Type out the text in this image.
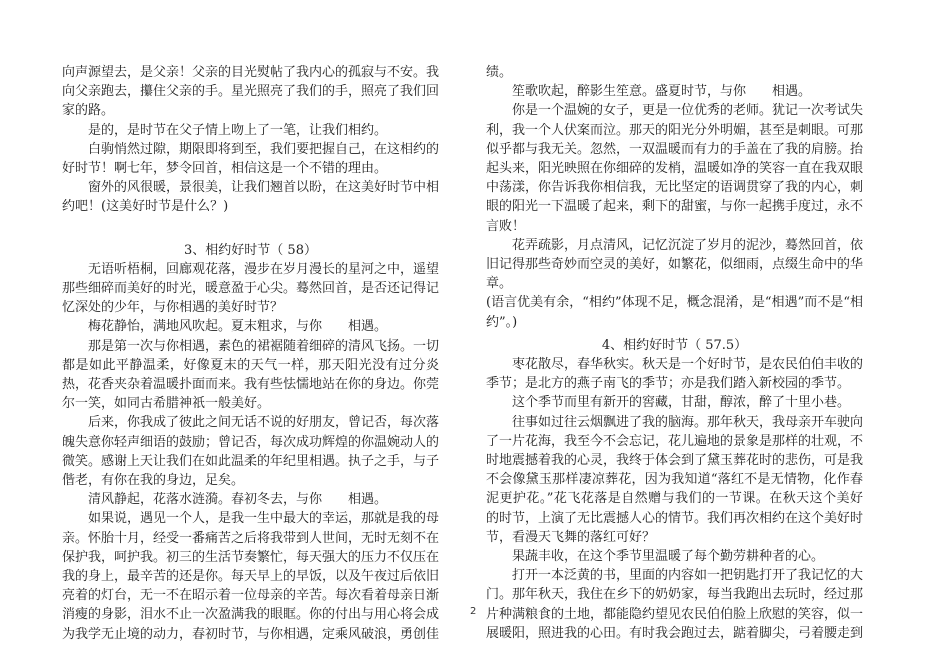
向声源望去，是父亲！父亲的目光熨帖了我内心的孤寂与不安。我向父亲跑去，攥住父亲的手。星光照亮了我们的手，照亮了我们回家的路。

是的，是时节在父子情上吻上了一笔，让我们相约。

白驹悄然过隙，期限即将到至，我们要把握自己，在这相约的好时节！啊七年，梦令回首，相信这是一个不错的理由。

窗外的风很暖，景很美，让我们翘首以盼，在这美好时节中相约吧！(这美好时节是什么？)

3、相约好时节（ 58）

无语听梧桐，回廊观花落，漫步在岁月漫长的星河之中，遥望那些细碎而美好的时光，暖意盈于心尖。蓦然回首，是否还记得记忆深处的少年，与你相遇的美好时节？

梅花静怡，满地风吹起。夏末粗求，与你　　相遇。

那是第一次与你相遇，素色的裙裾随着细碎的清风飞扬。一切都是如此平静温柔，好像夏末的天气一样，那天阳光没有过分炎热，花香夹杂着温暖扑面而来。我有些怯懦地站在你的身边。你莞尔一笑，如同古希腊神祇一般美好。

后来，你我成了彼此之间无话不说的好朋友，曾记否，每次落魄失意你轻声细语的鼓励；曾记否，每次成功辉煌的你温婉动人的微笑。感谢上天让我们在如此温柔的年纪里相遇。执子之手，与子偕老，有你在我的身边，足矣。

清风静起，花落水涟漪。春初冬去，与你　　相遇。

如果说，遇见一个人，是我一生中最大的幸运，那就是我的母亲。怀胎十月，经受一番痛苦之后将我带到人世间，无时无刻不在保护我，呵护我。初三的生活节奏繁忙，每天强大的压力不仅压在我的身上，最辛苦的还是你。每天早上的早饭，以及午夜过后依旧亮着的灯台，无一不在昭示着一位母亲的辛苦。每次看着母亲日渐消瘦的身影，泪水不止一次盈满我的眼眶。你的付出与用心将会成为我学无止境的动力，春初时节，与你相遇，定乘风破浪，勇创佳

绩。

笙歌吹起，醉影生笙意。盛夏时节，与你　　相遇。

你是一个温婉的女子，更是一位优秀的老师。犹记一次考试失利，我一个人伏案而泣。那天的阳光分外明媚，甚至是刺眼。可那似乎都与我无关。忽然，一双温暖而有力的手盖在了我的肩膀。抬起头来，阳光映照在你细碎的发梢，温暖如净的笑容一直在我双眼中荡漾，你告诉我你相信我，无比坚定的语调贯穿了我的内心，刺眼的阳光一下温暖了起来，剩下的甜蜜，与你一起携手度过，永不言败！

花弄疏影，月点清风，记忆沉淀了岁月的泥沙，蓦然回首，依旧记得那些奇妙而空灵的美好，如繁花，似细雨，点缀生命中的华章。

(语言优美有余，“相约”体现不足，概念混淆，是“相遇”而不是“相约”。)

4、相约好时节（ 57.5）

枣花散尽，春华秋实。秋天是一个好时节，是农民伯伯丰收的季节；是北方的燕子南飞的季节；亦是我们踏入新校园的季节。

这个季节而里有新开的窖藏，甘甜，醇浓，醉了十里小巷。

往事如过往云烟飘进了我的脑海。那年秋天，我母亲开车驶向了一片花海，我至今不会忘记，花儿遍地的景象是那样的壮观，不时地震撼着我的心灵，我终于体会到了黛玉葬花时的悲伤，可是我不会像黛玉那样凄凉葬花，因为我知道“落红不是无情物，化作春泥更护花。”花飞花落是自然赠与我们的一节课。在秋天这个美好的时节，上演了无比震撼人心的情节。我们再次相约在这个美好时节，看漫天飞舞的落红可好？

果蔬丰收，在这个季节里温暖了每个勤劳耕种者的心。

打开一本泛黄的书，里面的内容如一把钥匙打开了我记忆的大门。那年秋天，我住在乡下的奶奶家，每当我跑出去玩时，经过那片种满粮食的土地，都能隐约望见农民伯伯脸上欣慰的笑容，似一展暖阳，照进我的心田。有时我会跑过去，踮着脚尖，弓着腰走到

2
